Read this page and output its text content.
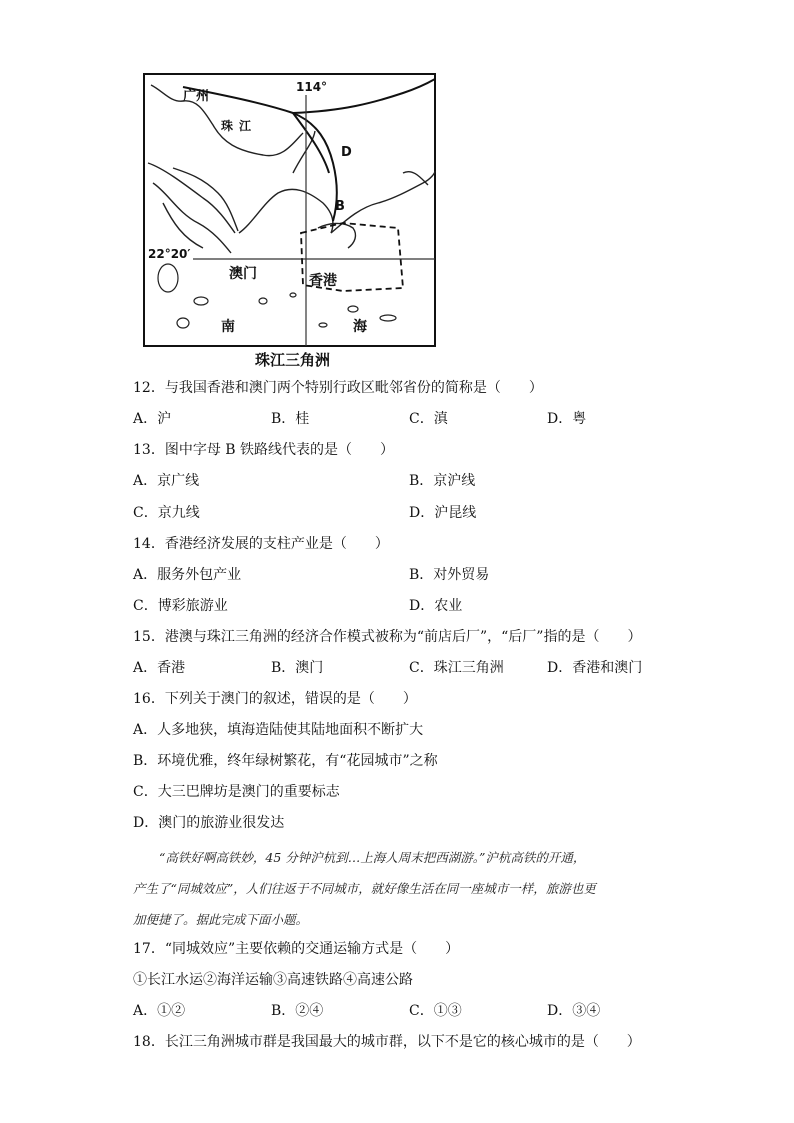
广州
114°
珠 江
D
B
22°20′
澳门	香港
南	海
珠江三角洲
12．与我国香港和澳门两个特别行政区毗邻省份的简称是（　　）
A．沪	B．桂	C．滇	D．粤
13．图中字母 B 铁路线代表的是（　　）
A．京广线	B．京沪线
C．京九线	D．沪昆线
14．香港经济发展的支柱产业是（　　）
A．服务外包产业	B．对外贸易
C．博彩旅游业	D．农业
15．港澳与珠江三角洲的经济合作模式被称为“前店后厂”，“后厂”指的是（　　）
A．香港	B．澳门	C．珠江三角洲	D．香港和澳门
16．下列关于澳门的叙述，错误的是（　　）
A．人多地狭，填海造陆使其陆地面积不断扩大
B．环境优雅，终年绿树繁花，有“花园城市”之称
C．大三巴牌坊是澳门的重要标志
D．澳门的旅游业很发达

“高铁好啊高铁妙，45 分钟沪杭到…上海人周末把西湖游。”沪杭高铁的开通，

产生了“同城效应”，人们往返于不同城市，就好像生活在同一座城市一样，旅游也更

加便捷了。据此完成下面小题。

17．“同城效应”主要依赖的交通运输方式是（　　）
①长江水运②海洋运输③高速铁路④高速公路
A．①②	B．②④	C．①③	D．③④
18．长江三角洲城市群是我国最大的城市群，以下不是它的核心城市的是（　　）
